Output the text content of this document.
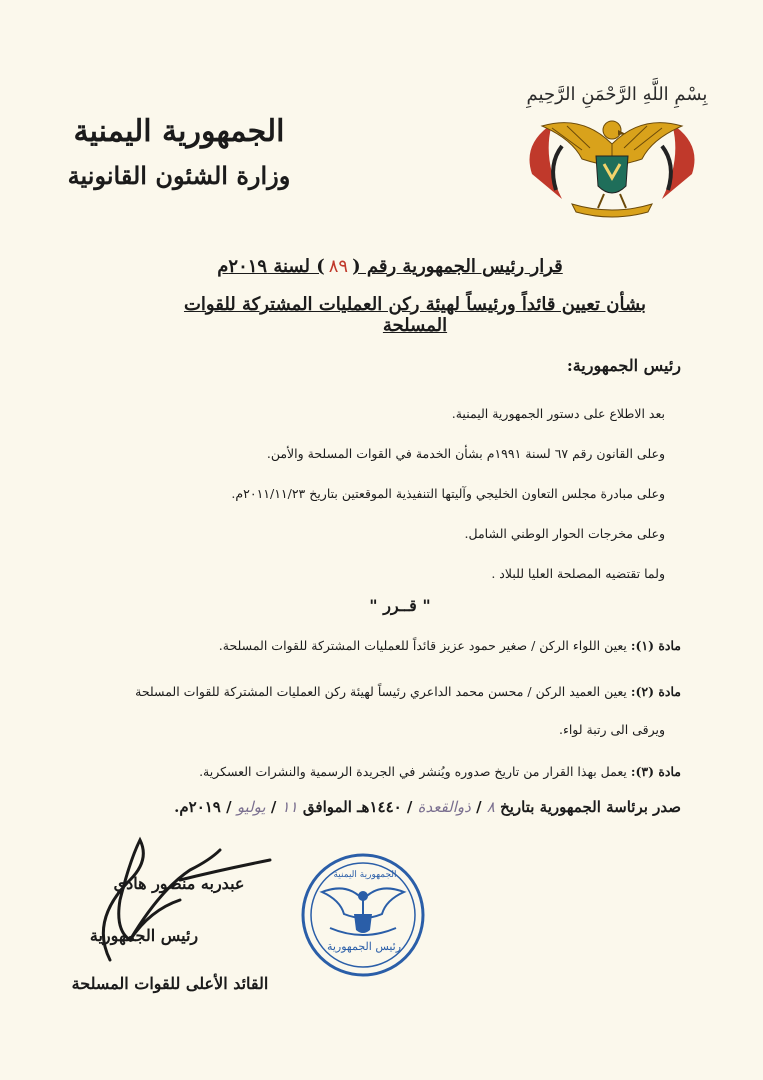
بِسْمِ اللَّهِ الرَّحْمَنِ الرَّحِيمِ
الجمهورية اليمنية
وزارة الشئون القانونية
قرار رئيس الجمهورية رقم (٨٩) لسنة ٢٠١٩م
بشأن تعيين قائداً ورئيساً لهيئة ركن العمليات المشتركة للقوات المسلحة
رئيس الجمهورية:
بعد الاطلاع على دستور الجمهورية اليمنية.
وعلى القانون رقم ٦٧ لسنة ١٩٩١م بشأن الخدمة في القوات المسلحة والأمن.
وعلى مبادرة مجلس التعاون الخليجي وآليتها التنفيذية الموقعتين بتاريخ ٢٠١١/١١/٢٣م.
وعلى مخرجات الحوار الوطني الشامل.
ولما تقتضيه المصلحة العليا للبلاد .
" قــرر "
مادة (١): يعين اللواء الركن / صغير حمود عزيز قائداً للعمليات المشتركة للقوات المسلحة.
مادة (٢): يعين العميد الركن / محسن محمد الداعري رئيساً لهيئة ركن العمليات المشتركة للقوات المسلحة
ويرقى الى رتبة لواء.
مادة (٣): يعمل بهذا القرار من تاريخ صدوره ويُنشر في الجريدة الرسمية والنشرات العسكرية.
صدر برئاسة الجمهورية بتاريخ ٨ / ذوالقعدة / ١٤٤٠هـ الموافق ١١ / يوليو / ٢٠١٩م.
عبدربه منصور هادي
رئيس الجمهورية
القائد الأعلى للقوات المسلحة
الجمهورية اليمنية
رئيس الجمهورية
